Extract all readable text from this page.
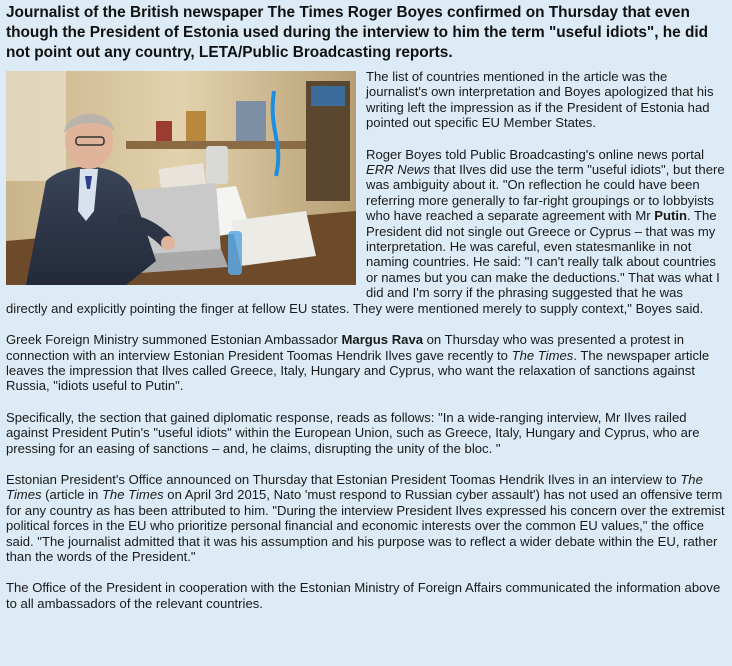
Journalist of the British newspaper The Times Roger Boyes confirmed on Thursday that even though the President of Estonia used during the interview to him the term "useful idiots", he did not point out any country, LETA/Public Broadcasting reports.

The list of countries mentioned in the article was the journalist's own interpretation and Boyes apologized that his writing left the impression as if the President of Estonia had pointed out specific EU Member States.

Roger Boyes told Public Broadcasting's online news portal ERR News that Ilves did use the term "useful idiots", but there was ambiguity about it. "On reflection he could have been referring more generally to far-right groupings or to lobbyists who have reached a separate agreement with Mr Putin. The President did not single out Greece or Cyprus – that was my interpretation. He was careful, even statesmanlike in not naming countries. He said: "I can't really talk about countries or names but you can make the deductions." That was what I did and I'm sorry if the phrasing suggested that he was directly and explicitly pointing the finger at fellow EU states. They were mentioned merely to supply context," Boyes said.

Greek Foreign Ministry summoned Estonian Ambassador Margus Rava on Thursday who was presented a protest in connection with an interview Estonian President Toomas Hendrik Ilves gave recently to The Times. The newspaper article leaves the impression that Ilves called Greece, Italy, Hungary and Cyprus, who want the relaxation of sanctions against Russia, "idiots useful to Putin".

Specifically, the section that gained diplomatic response, reads as follows: "In a wide-ranging interview, Mr Ilves railed against President Putin's "useful idiots" within the European Union, such as Greece, Italy, Hungary and Cyprus, who are pressing for an easing of sanctions – and, he claims, disrupting the unity of the bloc. "

Estonian President's Office announced on Thursday that Estonian President Toomas Hendrik Ilves in an interview to The Times (article in The Times on April 3rd 2015, Nato 'must respond to Russian cyber assault') has not used an offensive term for any country as has been attributed to him. "During the interview President Ilves expressed his concern over the extremist political forces in the EU who prioritize personal financial and economic interests over the common EU values," the office said. "The journalist admitted that it was his assumption and his purpose was to reflect a wider debate within the EU, rather than the words of the President."

The Office of the President in cooperation with the Estonian Ministry of Foreign Affairs communicated the information above to all ambassadors of the relevant countries.
